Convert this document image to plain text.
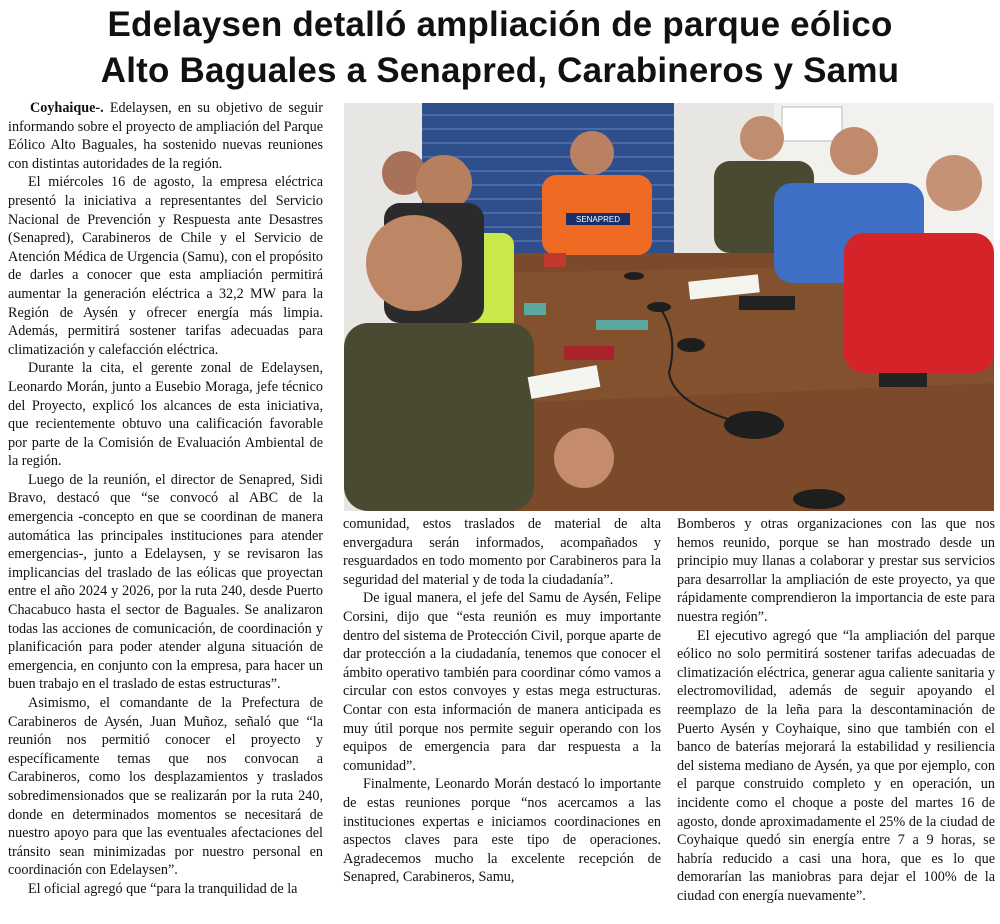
Edelaysen detalló ampliación de parque eólico
Alto Baguales a Senapred, Carabineros y Samu

Coyhaique-. Edelaysen, en su objetivo de seguir informando sobre el proyecto de ampliación del Parque Eólico Alto Baguales, ha sostenido nuevas reuniones con distintas autoridades de la región.

El miércoles 16 de agosto, la empresa eléctrica presentó la iniciativa a representantes del Servicio Nacional de Prevención y Respuesta ante Desastres (Senapred), Carabineros de Chile y el Servicio de Atención Médica de Urgencia (Samu), con el propósito de darles a conocer que esta ampliación permitirá aumentar la generación eléctrica a 32,2 MW para la Región de Aysén y ofrecer energía más limpia. Además, permitirá sostener tarifas adecuadas para climatización y calefacción eléctrica.

Durante la cita, el gerente zonal de Edelaysen, Leonardo Morán, junto a Eusebio Moraga, jefe técnico del Proyecto, explicó los alcances de esta iniciativa, que recientemente obtuvo una calificación favorable por parte de la Comisión de Evaluación Ambiental de la región.

Luego de la reunión, el director de Senapred, Sidi Bravo, destacó que “se convocó al ABC de la emergencia -concepto en que se coordinan de manera automática las principales instituciones para atender emergencias-, junto a Edelaysen, y se revisaron las implicancias del traslado de las eólicas que proyectan entre el año 2024 y 2026, por la ruta 240, desde Puerto Chacabuco hasta el sector de Baguales. Se analizaron todas las acciones de comunicación, de coordinación y planificación para poder atender alguna situación de emergencia, en conjunto con la empresa, para hacer un buen trabajo en el traslado de estas estructuras”.

Asimismo, el comandante de la Prefectura de Carabineros de Aysén, Juan Muñoz, señaló que “la reunión nos permitió conocer el proyecto y específicamente temas que nos convocan a Carabineros, como los desplazamientos y traslados sobredimensionados que se realizarán por la ruta 240, donde en determinados momentos se necesitará de nuestro apoyo para que las eventuales afectaciones del tránsito sean minimizadas por nuestro personal en coordinación con Edelaysen”.

El oficial agregó que “para la tranquilidad de la

SENAPRED

comunidad, estos traslados de material de alta envergadura serán informados, acompañados y resguardados en todo momento por Carabineros para la seguridad del material y de toda la ciudadanía”.

De igual manera, el jefe del Samu de Aysén, Felipe Corsini, dijo que “esta reunión es muy importante dentro del sistema de Protección Civil, porque aparte de dar protección a la ciudadanía, tenemos que conocer el ámbito operativo también para coordinar cómo vamos a circular con estos convoyes y estas mega estructuras. Contar con esta información de manera anticipada es muy útil porque nos permite seguir operando con los equipos de emergencia para dar respuesta a la comunidad”.

Finalmente, Leonardo Morán destacó lo importante de estas reuniones porque “nos acercamos a las instituciones expertas e iniciamos coordinaciones en aspectos claves para este tipo de operaciones. Agradecemos mucho la excelente recepción de Senapred, Carabineros, Samu,

Bomberos y otras organizaciones con las que nos hemos reunido, porque se han mostrado desde un principio muy llanas a colaborar y prestar sus servicios para desarrollar la ampliación de este proyecto, ya que rápidamente comprendieron la importancia de este para nuestra región”.

El ejecutivo agregó que “la ampliación del parque eólico no solo permitirá sostener tarifas adecuadas de climatización eléctrica, generar agua caliente sanitaria y electromovilidad, además de seguir apoyando el reemplazo de la leña para la descontaminación de Puerto Aysén y Coyhaique, sino que también con el banco de baterías mejorará la estabilidad y resiliencia del sistema mediano de Aysén, ya que por ejemplo, con el parque construido completo y en operación, un incidente como el choque a poste del martes 16 de agosto, donde aproximadamente el 25% de la ciudad de Coyhaique quedó sin energía entre 7 a 9 horas, se habría reducido a casi una hora, que es lo que demorarían las maniobras para dejar el 100% de la ciudad con energía nuevamente”.
